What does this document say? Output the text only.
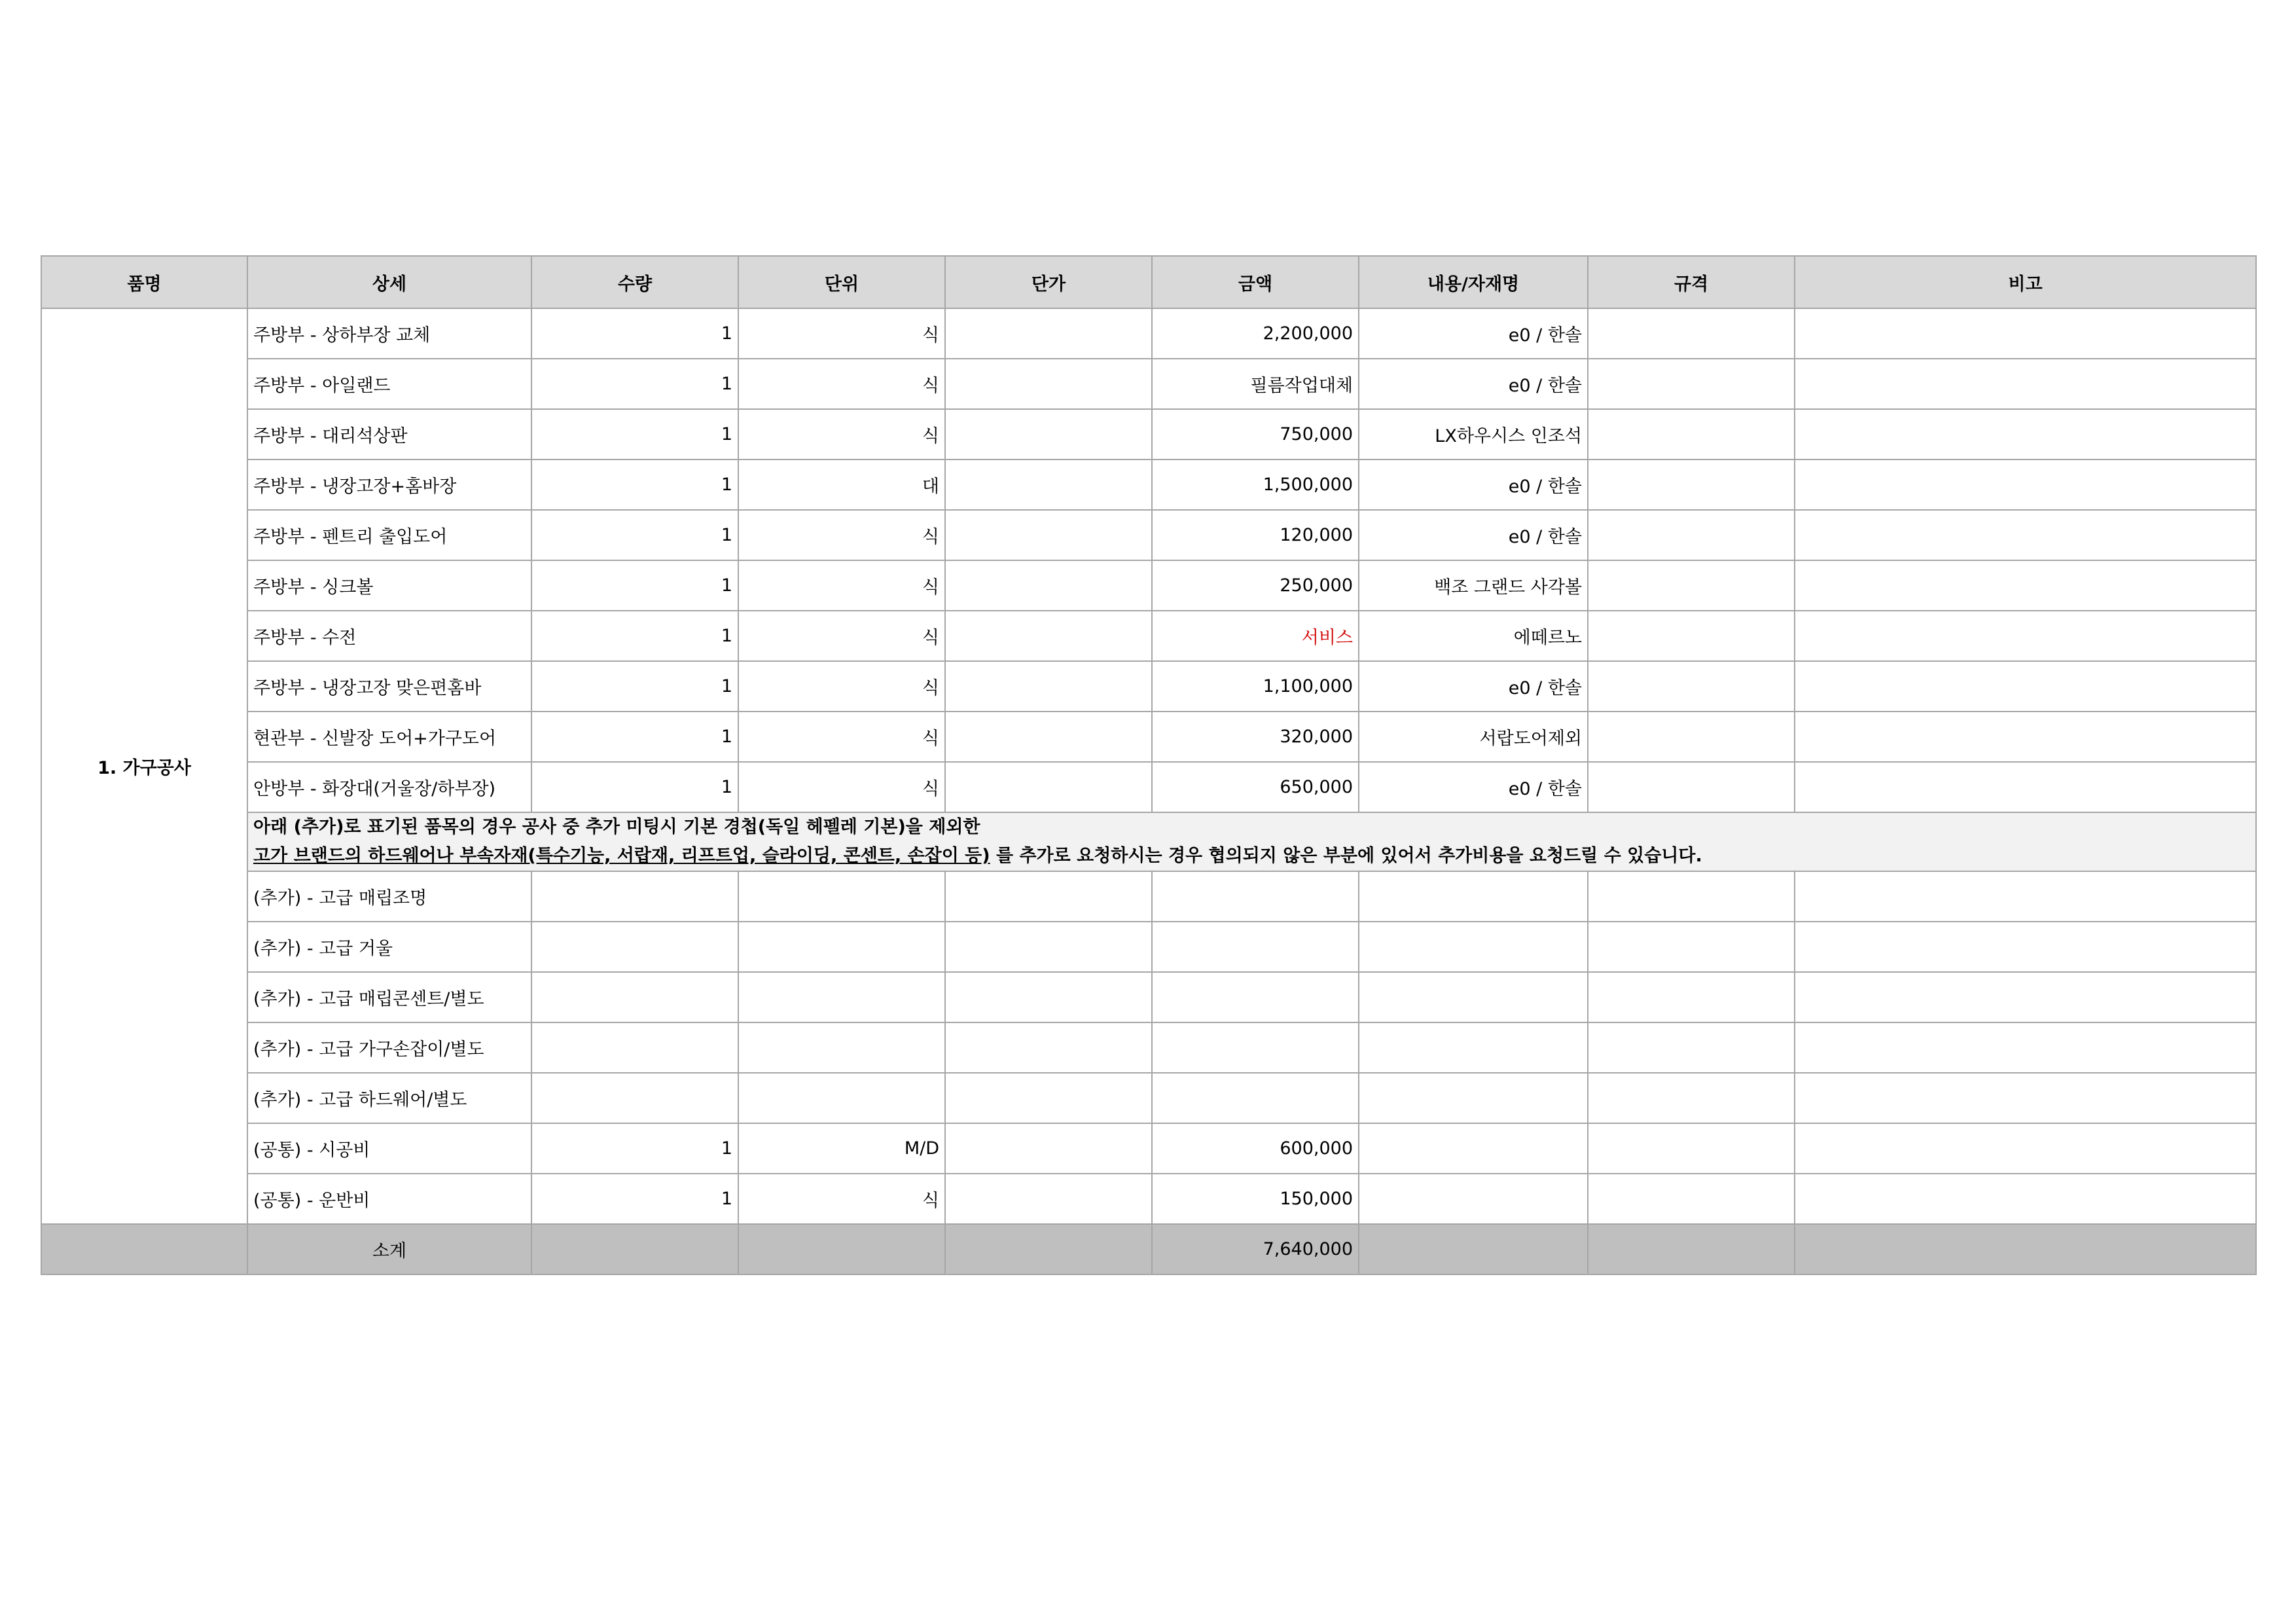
품명	상세	수량	단위	단가	금액	내용/자재명	규격	비고
1. 가구공사	주방부 - 상하부장 교체	1	식		2,200,000	e0 / 한솔		
	주방부 - 아일랜드	1	식		필름작업대체	e0 / 한솔		
	주방부 - 대리석상판	1	식		750,000	LX하우시스 인조석		
	주방부 - 냉장고장+홈바장	1	대		1,500,000	e0 / 한솔		
	주방부 - 펜트리 출입도어	1	식		120,000	e0 / 한솔		
	주방부 - 싱크볼	1	식		250,000	백조 그랜드 사각볼		
	주방부 - 수전	1	식		서비스	에떼르노		
	주방부 - 냉장고장 맞은편홈바	1	식		1,100,000	e0 / 한솔		
	현관부 - 신발장 도어+가구도어	1	식		320,000	서랍도어제외		
	안방부 - 화장대(거울장/하부장)	1	식		650,000	e0 / 한솔		

	아래 (추가)로 표기된 품목의 경우 공사 중 추가 미팅시 기본 경첩(독일 헤펠레 기본)을 제외한
고가 브랜드의 하드웨어나 부속자재(특수기능, 서랍재, 리프트업, 슬라이딩, 콘센트, 손잡이 등) 를 추가로 요청하시는 경우 협의되지 않은 부분에 있어서 추가비용을 요청드릴 수 있습니다.							

	(추가) - 고급 매립조명							
	(추가) - 고급 거울							
	(추가) - 고급 매립콘센트/별도							
	(추가) - 고급 가구손잡이/별도							
	(추가) - 고급 하드웨어/별도							
	(공통) - 시공비	1	M/D		600,000			
	(공통) - 운반비	1	식		150,000			
	소계				7,640,000			
